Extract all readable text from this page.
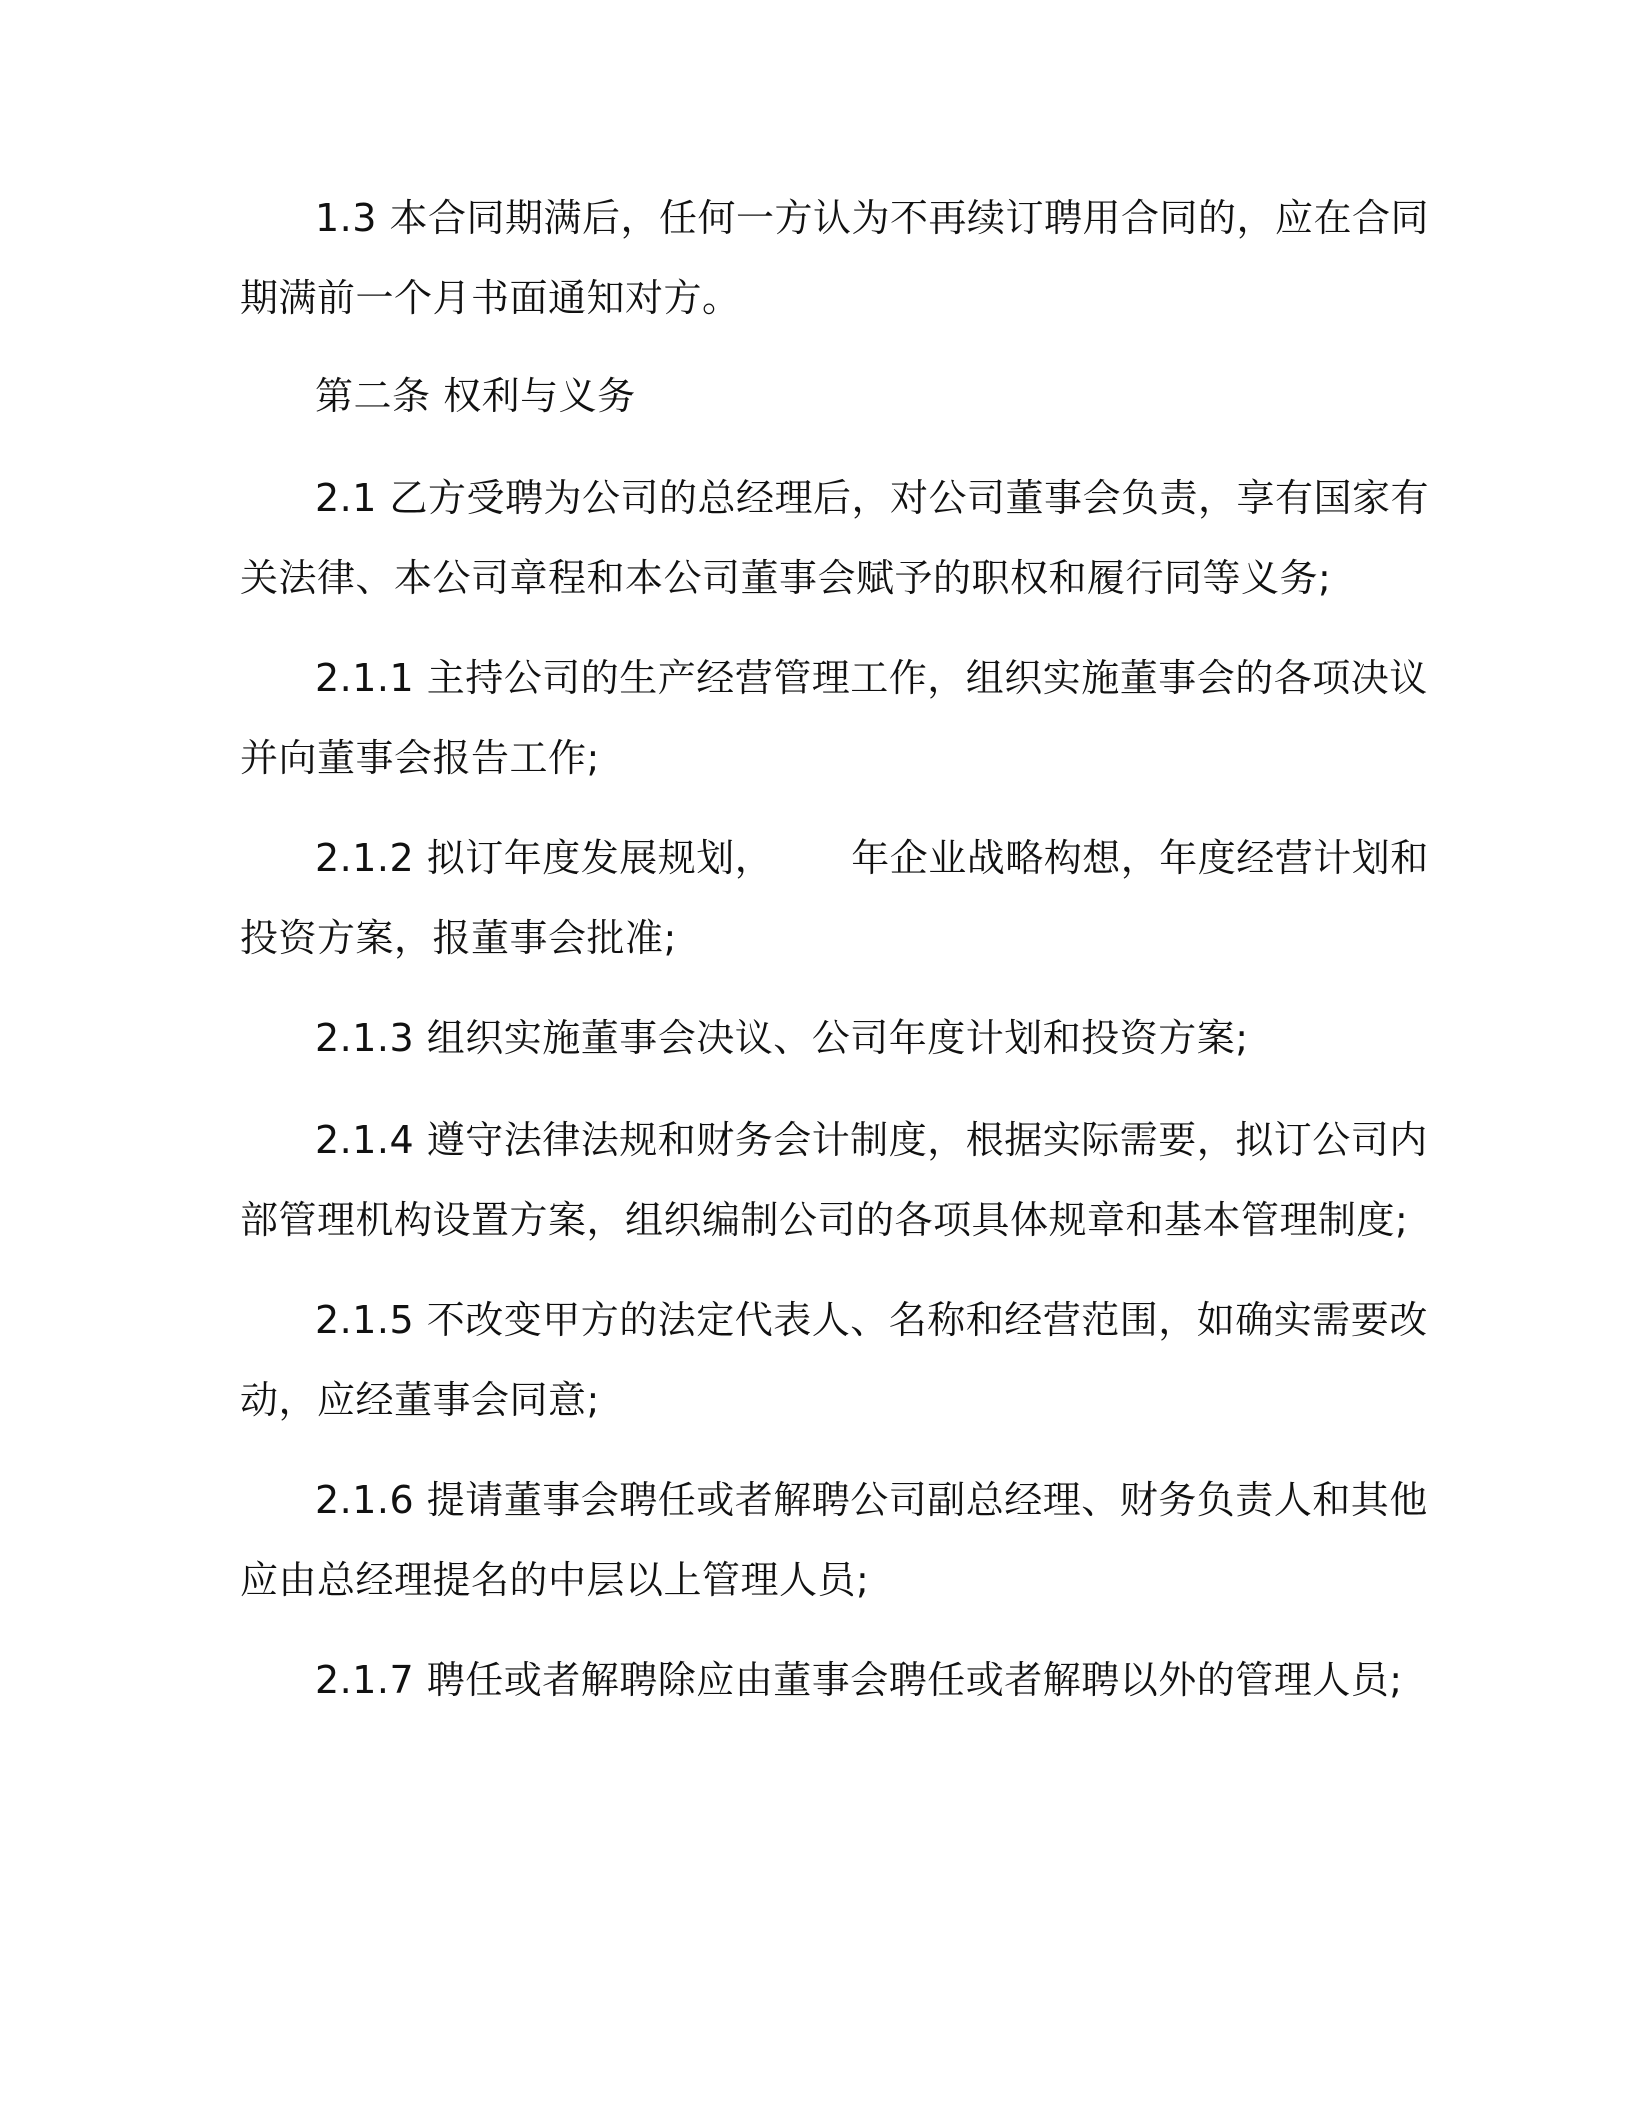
1.3 本合同期满后，任何一方认为不再续订聘用合同的，应在合同
期满前一个月书面通知对方。
第二条 权利与义务
2.1 乙方受聘为公司的总经理后，对公司董事会负责，享有国家有
关法律、本公司章程和本公司董事会赋予的职权和履行同等义务;
2.1.1 主持公司的生产经营管理工作，组织实施董事会的各项决议
并向董事会报告工作;
2.1.2 拟订年度发展规划， 年企业战略构想，年度经营计划和
投资方案，报董事会批准;
2.1.3 组织实施董事会决议、公司年度计划和投资方案;
2.1.4 遵守法律法规和财务会计制度，根据实际需要，拟订公司内
部管理机构设置方案，组织编制公司的各项具体规章和基本管理制度;
2.1.5 不改变甲方的法定代表人、名称和经营范围，如确实需要改
动，应经董事会同意;
2.1.6 提请董事会聘任或者解聘公司副总经理、财务负责人和其他
应由总经理提名的中层以上管理人员;
2.1.7 聘任或者解聘除应由董事会聘任或者解聘以外的管理人员;
